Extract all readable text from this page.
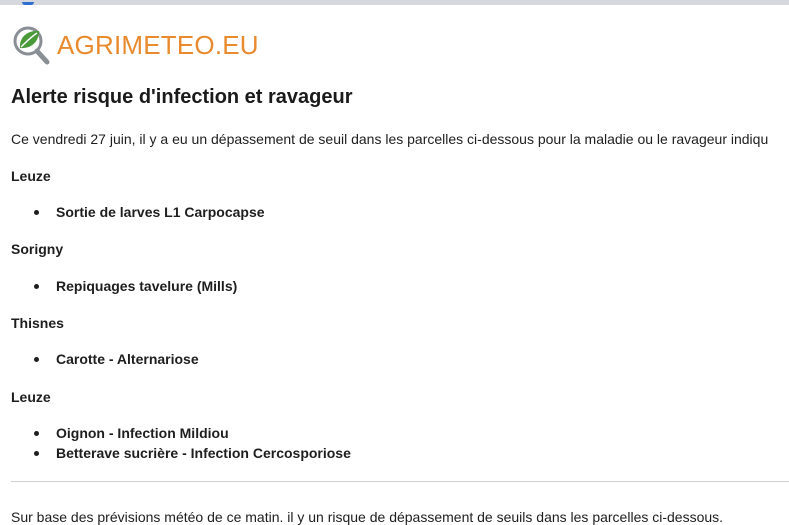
AGRIMETEO.EU
Alerte risque d'infection et ravageur

Ce vendredi 27 juin, il y a eu un dépassement de seuil dans les parcelles ci-dessous pour la maladie ou le ravageur indiqu

Leuze

Sortie de larves L1 Carpocapse

Sorigny

Repiquages tavelure (Mills)

Thisnes

Carotte - Alternariose

Leuze

Oignon - Infection Mildiou
Betterave sucrière - Infection Cercosporiose

Sur base des prévisions météo de ce matin. il y un risque de dépassement de seuils dans les parcelles ci-dessous.
